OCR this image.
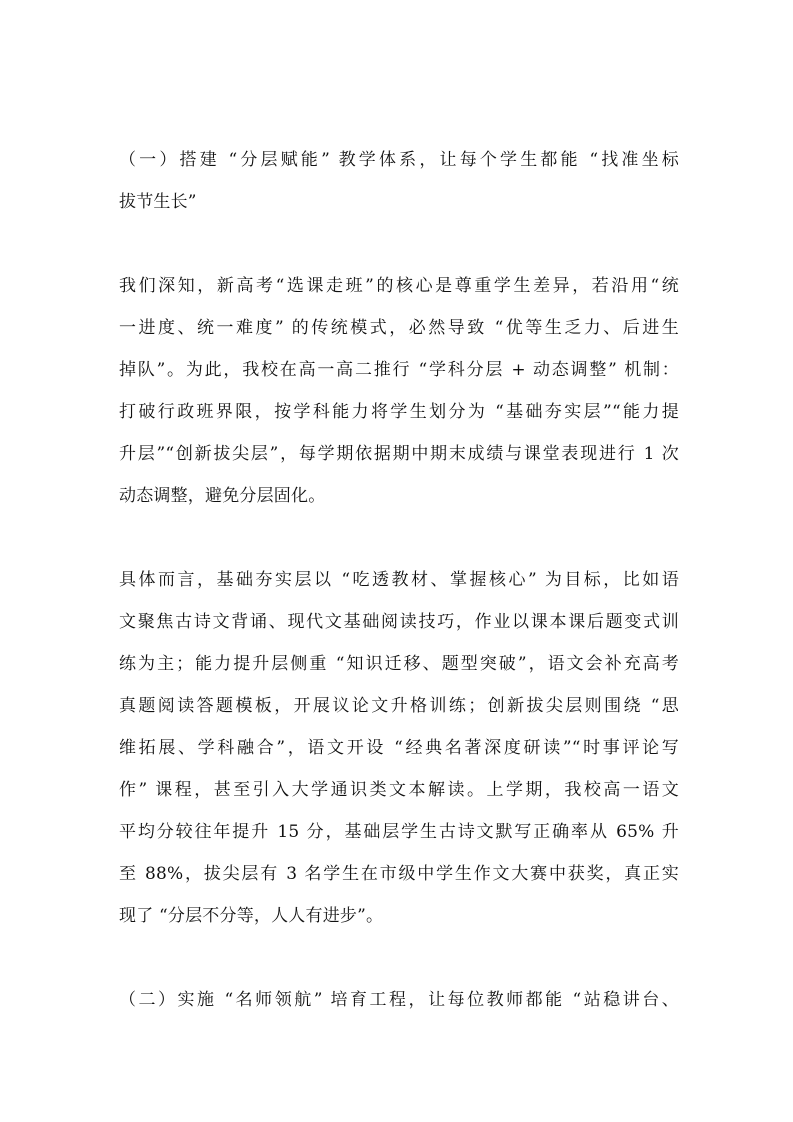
（一）搭建 “分层赋能” 教学体系，让每个学生都能 “找准坐标
拔节生长”
我们深知，新高考“选课走班”的核心是尊重学生差异，若沿用“统
一进度、统一难度” 的传统模式，必然导致 “优等生乏力、后进生
掉队”。为此，我校在高一高二推行 “学科分层 + 动态调整” 机制：
打破行政班界限，按学科能力将学生划分为 “基础夯实层”“能力提
升层”“创新拔尖层”，每学期依据期中期末成绩与课堂表现进行 1 次
动态调整，避免分层固化。
具体而言，基础夯实层以 “吃透教材、掌握核心” 为目标，比如语
文聚焦古诗文背诵、现代文基础阅读技巧，作业以课本课后题变式训
练为主；能力提升层侧重 “知识迁移、题型突破”，语文会补充高考
真题阅读答题模板，开展议论文升格训练；创新拔尖层则围绕 “思
维拓展、学科融合”，语文开设 “经典名著深度研读”“时事评论写
作” 课程，甚至引入大学通识类文本解读。上学期，我校高一语文
平均分较往年提升 15 分，基础层学生古诗文默写正确率从 65% 升
至 88%，拔尖层有 3 名学生在市级中学生作文大赛中获奖，真正实
现了 “分层不分等，人人有进步”。
（二）实施 “名师领航” 培育工程，让每位教师都能 “站稳讲台、
